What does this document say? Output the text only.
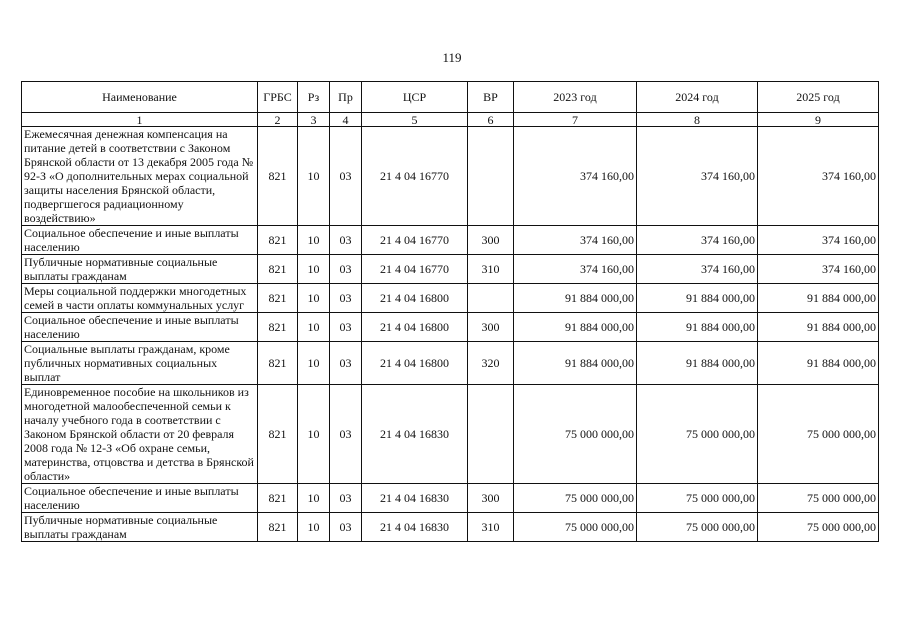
119
Наименование	ГРБС	Рз	Пр	ЦСР	ВР	2023 год	2024 год	2025 год
1	2	3	4	5	6	7	8	9
Ежемесячная денежная компенсация на питание детей в соответствии с Законом Брянской области от 13 декабря 2005 года № 92-З «О дополнительных мерах социальной защиты населения Брянской области, подвергшегося радиационному воздействию»	821	10	03	21 4 04 16770		374 160,00	374 160,00	374 160,00
Социальное обеспечение и иные выплаты населению	821	10	03	21 4 04 16770	300	374 160,00	374 160,00	374 160,00
Публичные нормативные социальные выплаты гражданам	821	10	03	21 4 04 16770	310	374 160,00	374 160,00	374 160,00
Меры социальной поддержки многодетных семей в части оплаты коммунальных услуг	821	10	03	21 4 04 16800		91 884 000,00	91 884 000,00	91 884 000,00
Социальное обеспечение и иные выплаты населению	821	10	03	21 4 04 16800	300	91 884 000,00	91 884 000,00	91 884 000,00
Социальные выплаты гражданам, кроме публичных нормативных социальных выплат	821	10	03	21 4 04 16800	320	91 884 000,00	91 884 000,00	91 884 000,00
Единовременное пособие на школьников из многодетной малообеспеченной семьи к началу учебного года в соответствии с Законом Брянской области от 20 февраля 2008 года № 12-З «Об охране семьи, материнства, отцовства и детства в Брянской области»	821	10	03	21 4 04 16830		75 000 000,00	75 000 000,00	75 000 000,00
Социальное обеспечение и иные выплаты населению	821	10	03	21 4 04 16830	300	75 000 000,00	75 000 000,00	75 000 000,00
Публичные нормативные социальные выплаты гражданам	821	10	03	21 4 04 16830	310	75 000 000,00	75 000 000,00	75 000 000,00
